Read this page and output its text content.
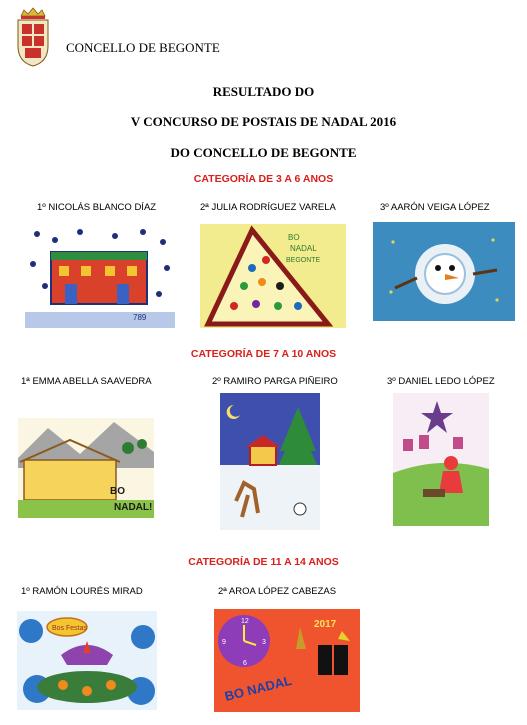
CONCELLO DE BEGONTE
RESULTADO DO
V CONCURSO DE POSTAIS DE NADAL 2016
DO CONCELLO DE BEGONTE
CATEGORÍA DE 3 A 6 ANOS
1º NICOLÁS BLANCO DÍAZ	2ª JULIA RODRÍGUEZ VARELA	3º AARÓN VEIGA LÓPEZ
789
BO
NADAL
BEGONTE
CATEGORÍA DE 7 A 10 ANOS
1ª EMMA ABELLA SAAVEDRA	2º RAMIRO PARGA PIÑEIRO	3º DANIEL LEDO LÓPEZ
BO
NADAL!
CATEGORÍA DE 11 A 14 ANOS
1º RAMÓN LOURÉS MIRAD	2ª AROA LÓPEZ CABEZAS
Bos Festas
12
3
6
9
2017
BO NADAL
